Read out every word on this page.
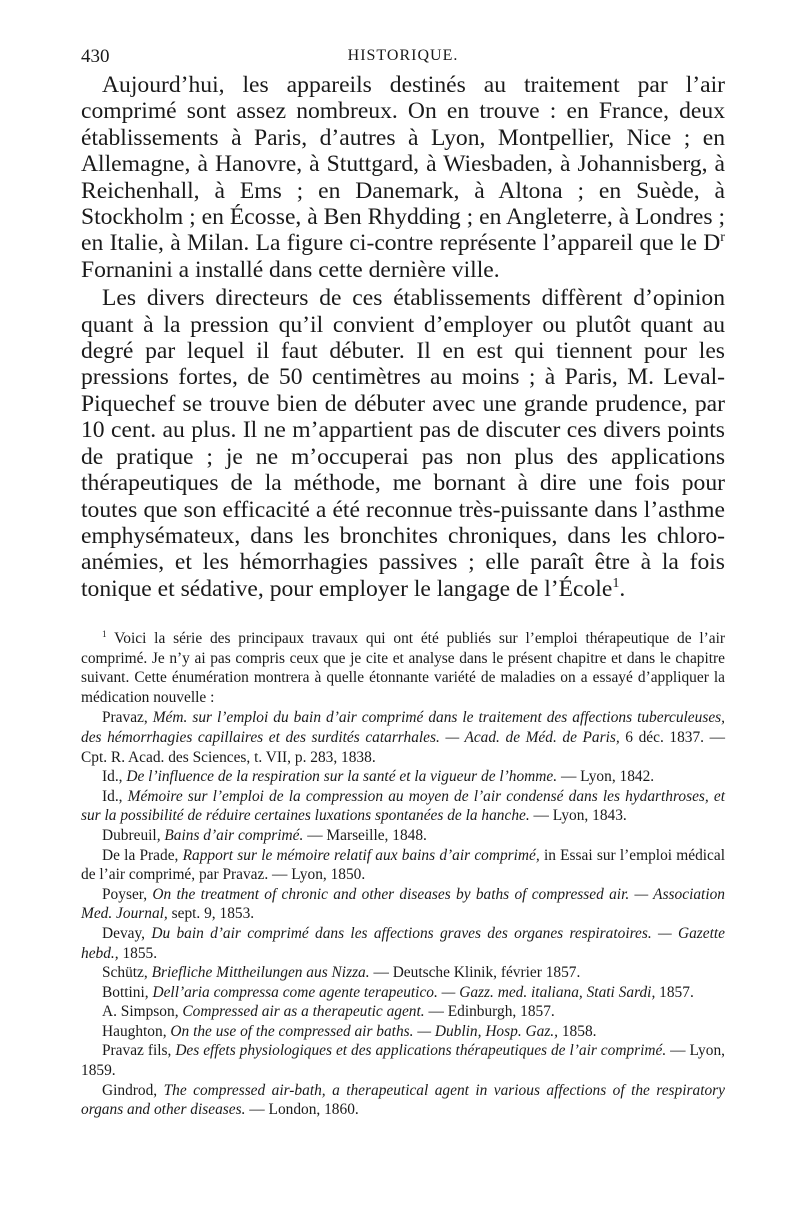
430	HISTORIQUE.

Aujourd’hui, les appareils destinés au traitement par l’air comprimé sont assez nombreux. On en trouve : en France, deux établissements à Paris, d’autres à Lyon, Montpellier, Nice ; en Allemagne, à Hanovre, à Stuttgard, à Wiesbaden, à Johannisberg, à Reichenhall, à Ems ; en Danemark, à Altona ; en Suède, à Stockholm ; en Écosse, à Ben Rhydding ; en Angleterre, à Londres ; en Italie, à Milan. La figure ci-contre représente l’appareil que le $D^r$ Fornanini a installé dans cette dernière ville.

Les divers directeurs de ces établissements diffèrent d’opinion quant à la pression qu’il convient d’employer ou plutôt quant au degré par lequel il faut débuter. Il en est qui tiennent pour les pressions fortes, de 50 centimètres au moins ; à Paris, M. Leval-Piquechef se trouve bien de débuter avec une grande prudence, par 10 cent. au plus. Il ne m’appartient pas de discuter ces divers points de pratique ; je ne m’occuperai pas non plus des applications thérapeutiques de la méthode, me bornant à dire une fois pour toutes que son efficacité a été reconnue très-puissante dans l’asthme emphysémateux, dans les bronchites chroniques, dans les chloro-anémies, et les hémorrhagies passives ; elle paraît être à la fois tonique et sédative, pour employer le langage de l’École$^1$.

$^1$ Voici la série des principaux travaux qui ont été publiés sur l’emploi thérapeutique de l’air comprimé. Je n’y ai pas compris ceux que je cite et analyse dans le présent chapitre et dans le chapitre suivant. Cette énumération montrera à quelle étonnante variété de maladies on a essayé d’appliquer la médication nouvelle :

Pravaz, Mém. sur l’emploi du bain d’air comprimé dans le traitement des affections tuberculeuses, des hémorrhagies capillaires et des surdités catarrhales. — Acad. de Méd. de Paris, 6 déc. 1837. — Cpt. R. Acad. des Sciences, t. VII, p. 283, 1838.

Id., De l’influence de la respiration sur la santé et la vigueur de l’homme. — Lyon, 1842.

Id., Mémoire sur l’emploi de la compression au moyen de l’air condensé dans les hydarthroses, et sur la possibilité de réduire certaines luxations spontanées de la hanche. — Lyon, 1843.

Dubreuil, Bains d’air comprimé. — Marseille, 1848.

De la Prade, Rapport sur le mémoire relatif aux bains d’air comprimé, in Essai sur l’emploi médical de l’air comprimé, par Pravaz. — Lyon, 1850.

Poyser, On the treatment of chronic and other diseases by baths of compressed air. — Association Med. Journal, sept. 9, 1853.

Devay, Du bain d’air comprimé dans les affections graves des organes respiratoires. — Gazette hebd., 1855.

Schütz, Briefliche Mittheilungen aus Nizza. — Deutsche Klinik, février 1857.

Bottini, Dell’aria compressa come agente terapeutico. — Gazz. med. italiana, Stati Sardi, 1857.

A. Simpson, Compressed air as a therapeutic agent. — Edinburgh, 1857.

Haughton, On the use of the compressed air baths. — Dublin, Hosp. Gaz., 1858.

Pravaz fils, Des effets physiologiques et des applications thérapeutiques de l’air comprimé. — Lyon, 1859.

Gindrod, The compressed air-bath, a therapeutical agent in various affections of the respiratory organs and other diseases. — London, 1860.
